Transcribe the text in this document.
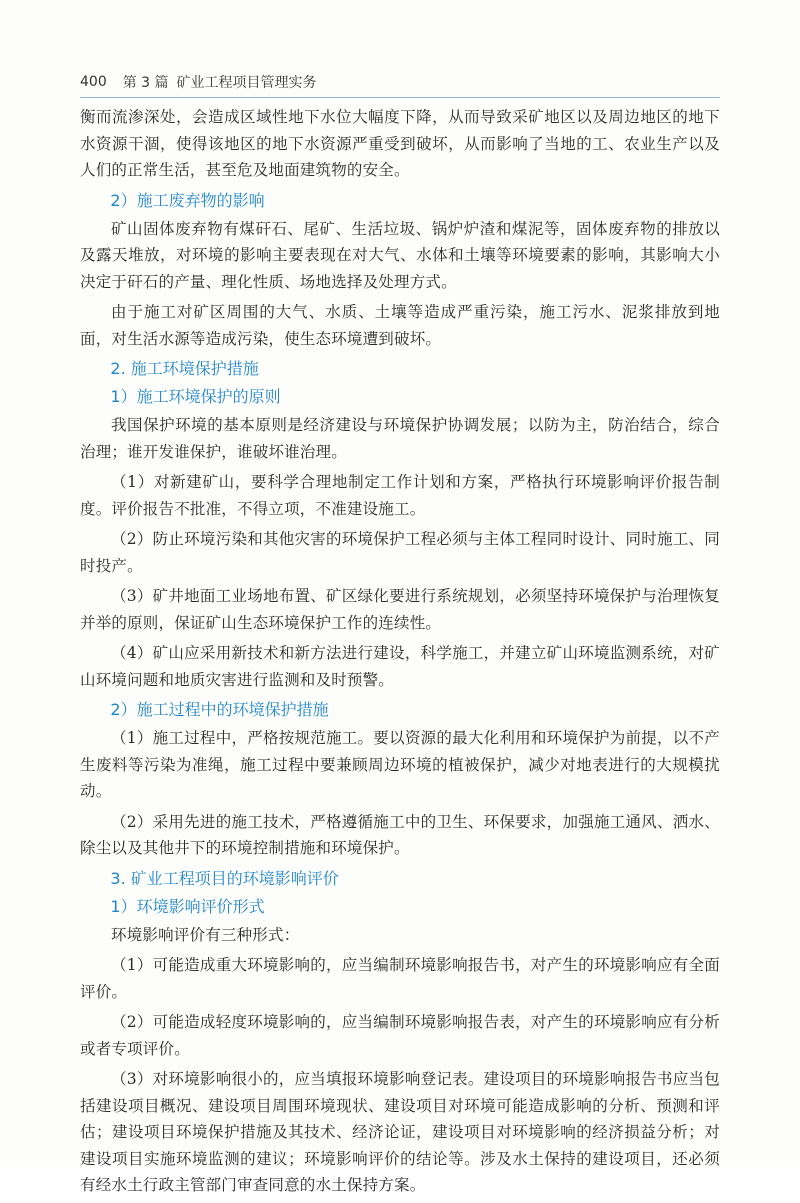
400 第 3 篇 矿业工程项目管理实务
衡而流渗深处，会造成区域性地下水位大幅度下降，从而导致采矿地区以及周边地区的地下水资源干涸，使得该地区的地下水资源严重受到破坏，从而影响了当地的工、农业生产以及人们的正常生活，甚至危及地面建筑物的安全。
2）施工废弃物的影响
矿山固体废弃物有煤矸石、尾矿、生活垃圾、锅炉炉渣和煤泥等，固体废弃物的排放以及露天堆放，对环境的影响主要表现在对大气、水体和土壤等环境要素的影响，其影响大小决定于矸石的产量、理化性质、场地选择及处理方式。
由于施工对矿区周围的大气、水质、土壤等造成严重污染，施工污水、泥浆排放到地面，对生活水源等造成污染，使生态环境遭到破坏。
2. 施工环境保护措施
1）施工环境保护的原则
我国保护环境的基本原则是经济建设与环境保护协调发展；以防为主，防治结合，综合治理；谁开发谁保护，谁破坏谁治理。
（1）对新建矿山，要科学合理地制定工作计划和方案，严格执行环境影响评价报告制度。评价报告不批准，不得立项，不准建设施工。
（2）防止环境污染和其他灾害的环境保护工程必须与主体工程同时设计、同时施工、同时投产。
（3）矿井地面工业场地布置、矿区绿化要进行系统规划，必须坚持环境保护与治理恢复并举的原则，保证矿山生态环境保护工作的连续性。
（4）矿山应采用新技术和新方法进行建设，科学施工，并建立矿山环境监测系统，对矿山环境问题和地质灾害进行监测和及时预警。
2）施工过程中的环境保护措施
（1）施工过程中，严格按规范施工。要以资源的最大化利用和环境保护为前提，以不产生废料等污染为准绳，施工过程中要兼顾周边环境的植被保护，减少对地表进行的大规模扰动。
（2）采用先进的施工技术，严格遵循施工中的卫生、环保要求，加强施工通风、洒水、除尘以及其他井下的环境控制措施和环境保护。
3. 矿业工程项目的环境影响评价
1）环境影响评价形式
环境影响评价有三种形式：
（1）可能造成重大环境影响的，应当编制环境影响报告书，对产生的环境影响应有全面评价。
（2）可能造成轻度环境影响的，应当编制环境影响报告表，对产生的环境影响应有分析或者专项评价。
（3）对环境影响很小的，应当填报环境影响登记表。建设项目的环境影响报告书应当包括建设项目概况、建设项目周围环境现状、建设项目对环境可能造成影响的分析、预测和评估；建设项目环境保护措施及其技术、经济论证，建设项目对环境影响的经济损益分析；对建设项目实施环境监测的建议；环境影响评价的结论等。涉及水土保持的建设项目，还必须有经水土行政主管部门审查同意的水土保持方案。
